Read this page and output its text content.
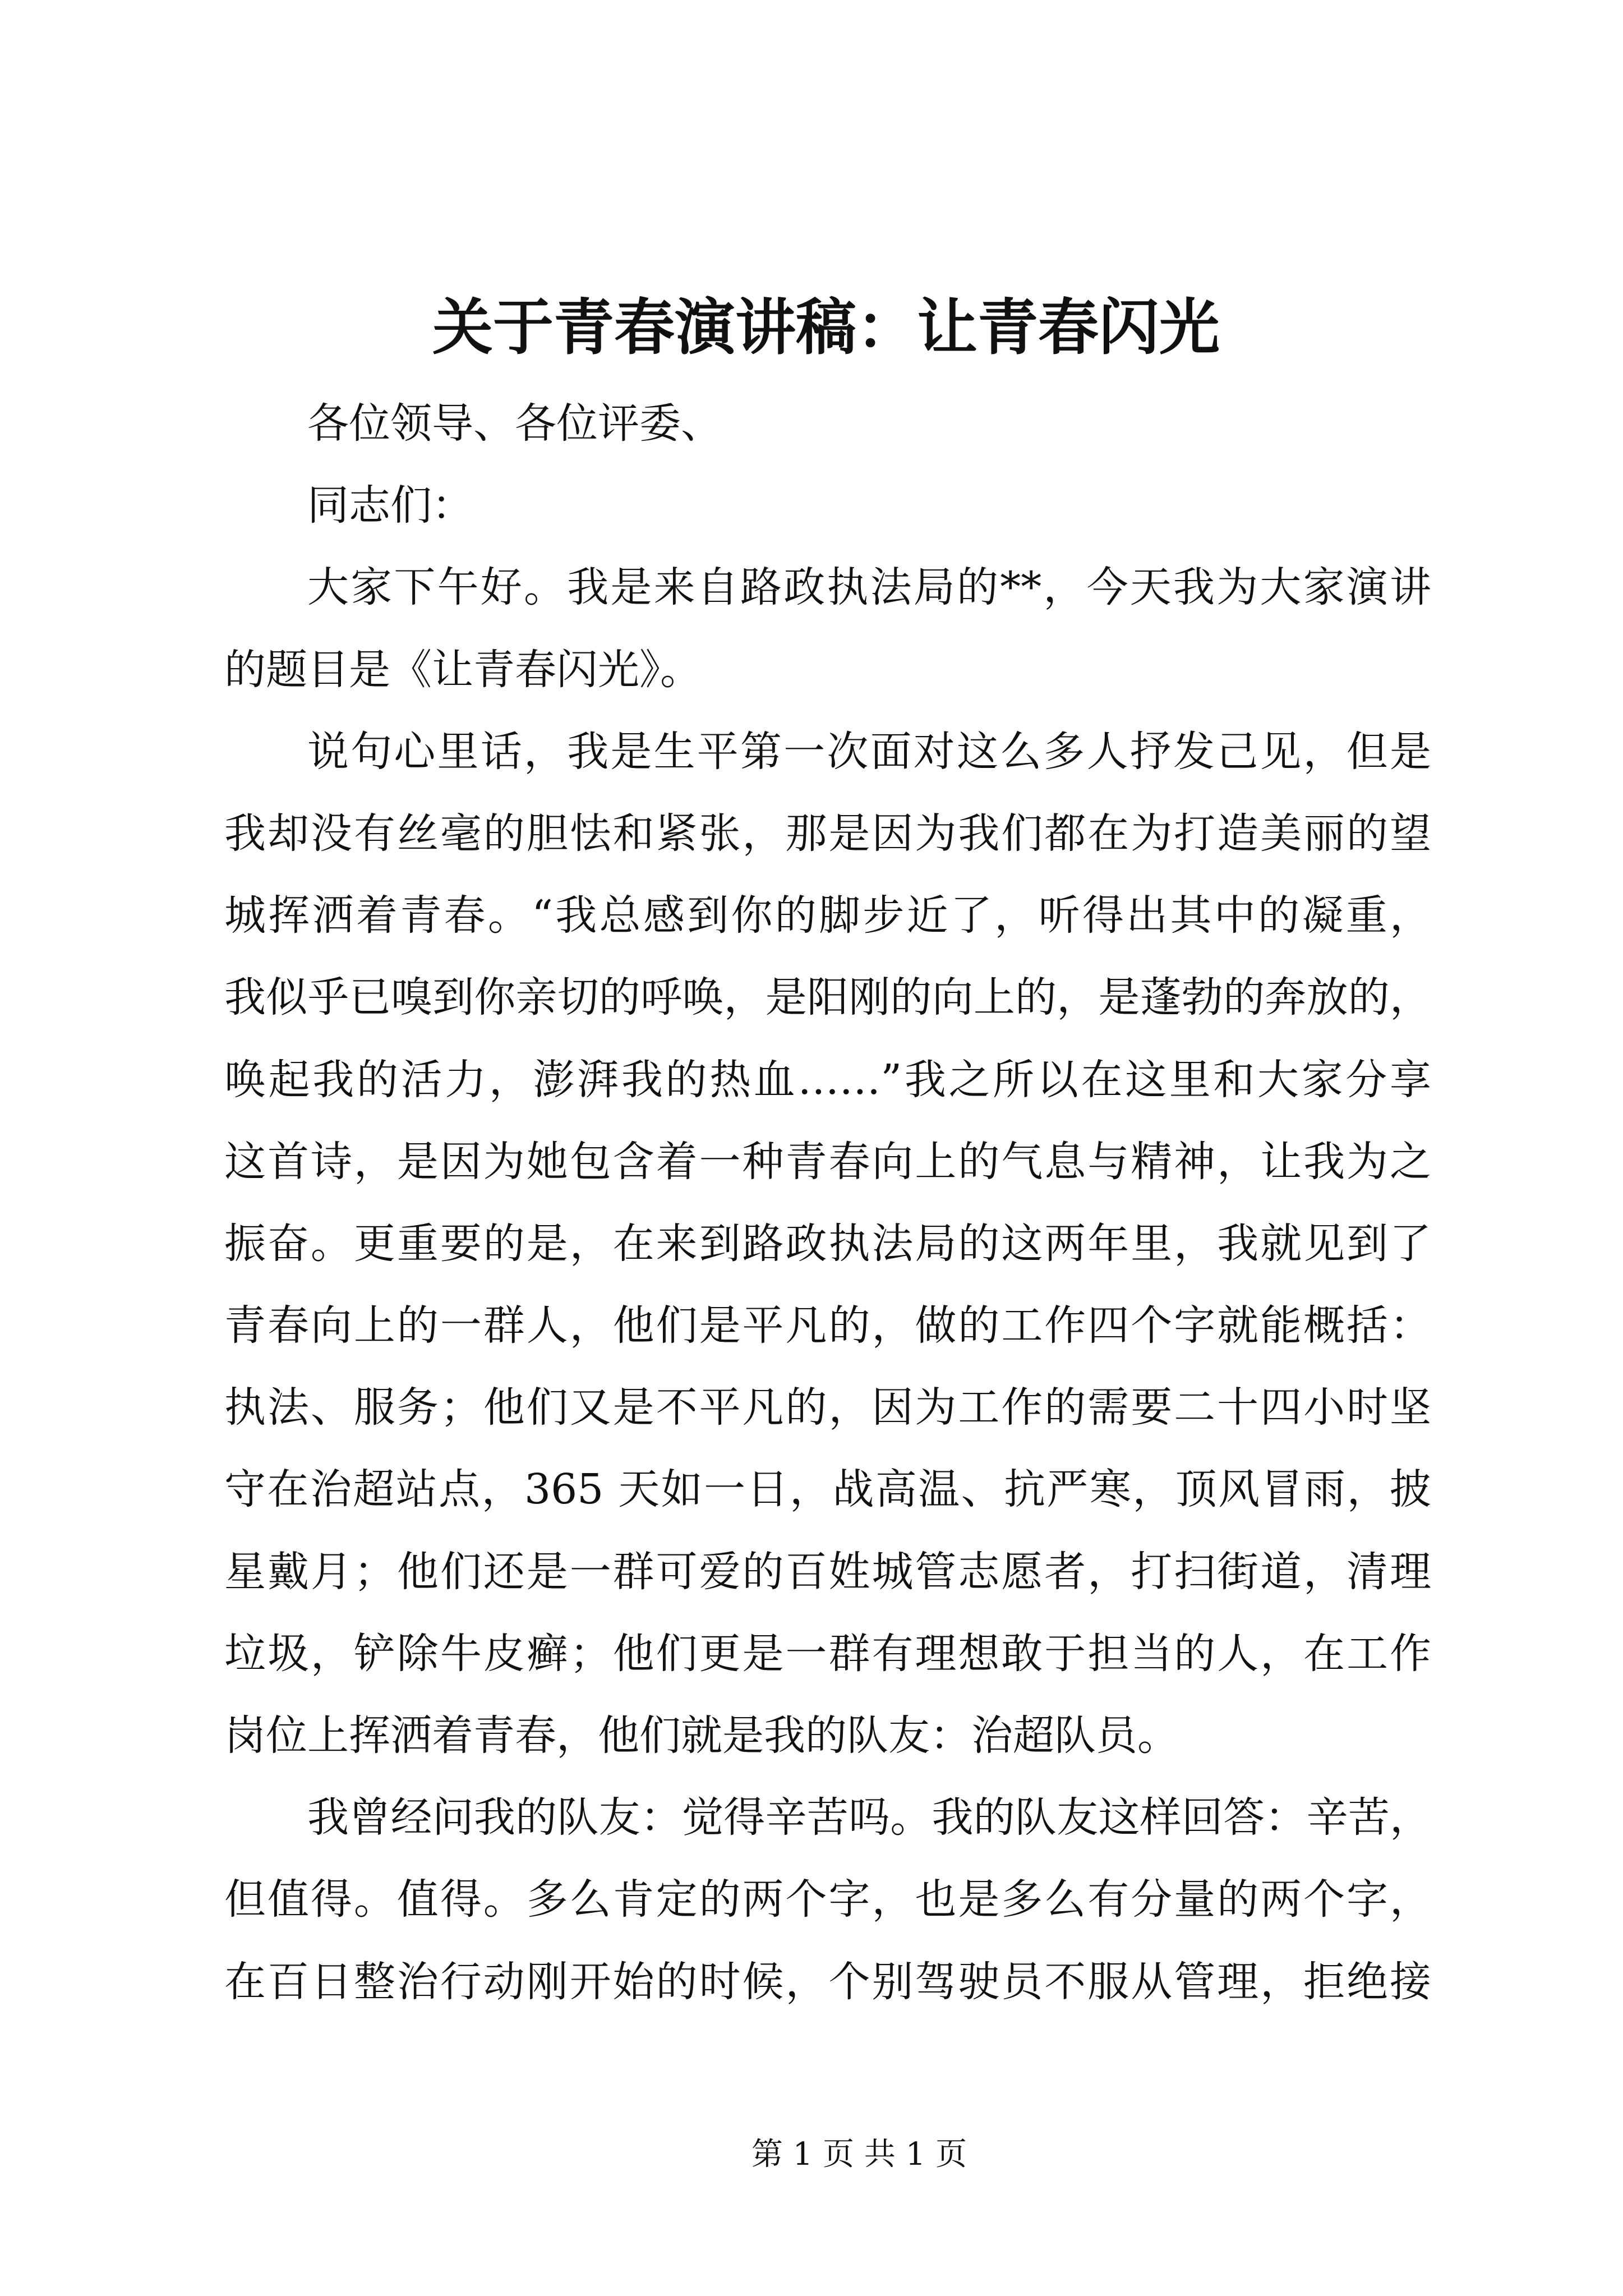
关于青春演讲稿：让青春闪光
各位领导、各位评委、
同志们：
大家下午好。我是来自路政执法局的**，今天我为大家演讲
的题目是《让青春闪光》。
说句心里话，我是生平第一次面对这么多人抒发己见，但是
我却没有丝毫的胆怯和紧张，那是因为我们都在为打造美丽的望
城挥洒着青春。“我总感到你的脚步近了，听得出其中的凝重，
我似乎已嗅到你亲切的呼唤，是阳刚的向上的，是蓬勃的奔放的，
唤起我的活力，澎湃我的热血……”我之所以在这里和大家分享
这首诗，是因为她包含着一种青春向上的气息与精神，让我为之
振奋。更重要的是，在来到路政执法局的这两年里，我就见到了
青春向上的一群人，他们是平凡的，做的工作四个字就能概括：
执法、服务；他们又是不平凡的，因为工作的需要二十四小时坚
守在治超站点，365 天如一日，战高温、抗严寒，顶风冒雨，披
星戴月；他们还是一群可爱的百姓城管志愿者，打扫街道，清理
垃圾，铲除牛皮癣；他们更是一群有理想敢于担当的人，在工作
岗位上挥洒着青春，他们就是我的队友：治超队员。
我曾经问我的队友：觉得辛苦吗。我的队友这样回答：辛苦，
但值得。值得。多么肯定的两个字，也是多么有分量的两个字，
在百日整治行动刚开始的时候，个别驾驶员不服从管理，拒绝接
第 1 页 共 1 页
